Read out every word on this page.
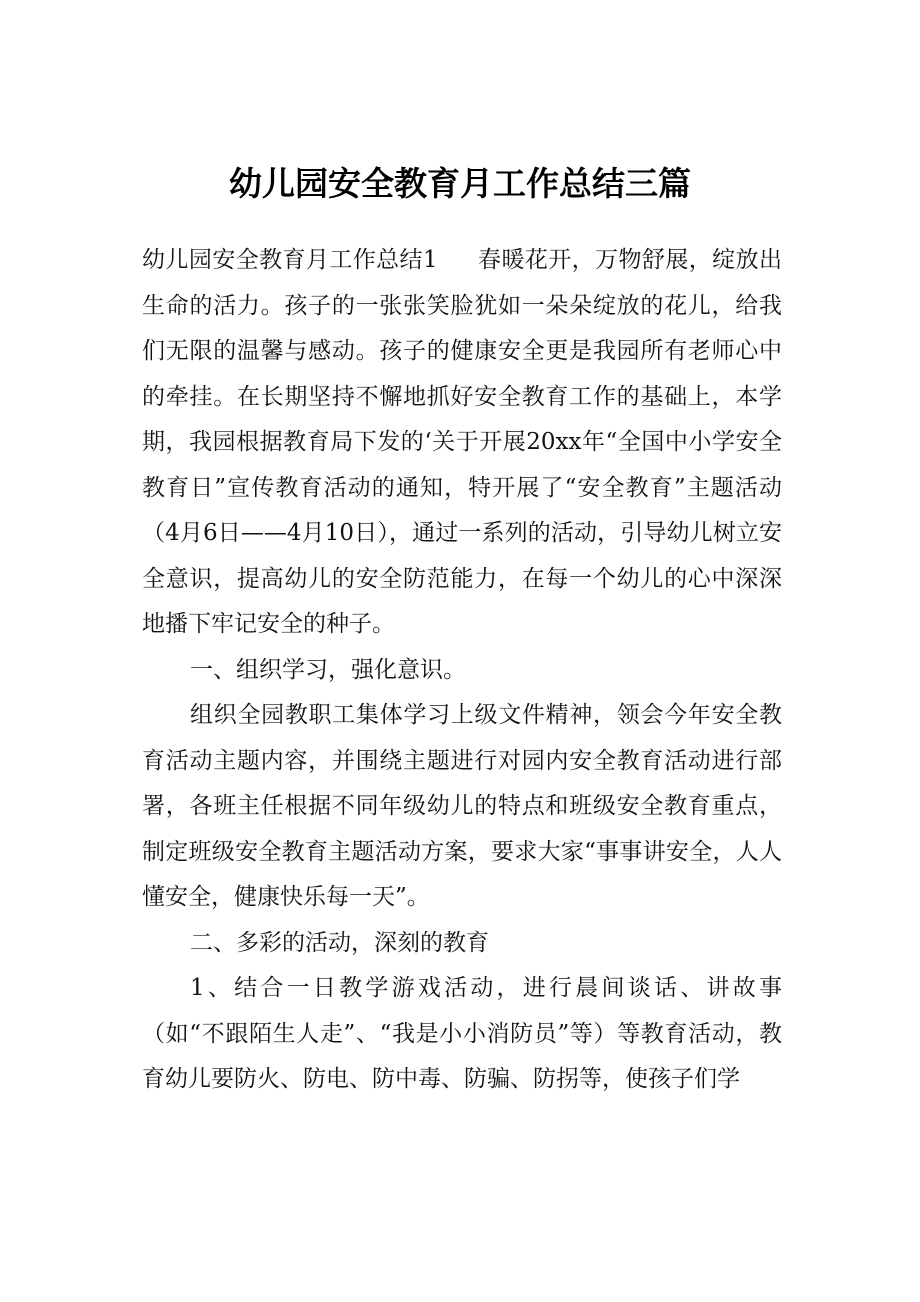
幼儿园安全教育月工作总结三篇

幼儿园安全教育月工作总结1 春暖花开，万物舒展，绽放出生命的活力。孩子的一张张笑脸犹如一朵朵绽放的花儿，给我们无限的温馨与感动。孩子的健康安全更是我园所有老师心中的牵挂。在长期坚持不懈地抓好安全教育工作的基础上，本学期，我园根据教育局下发的‘关于开展20xx年“全国中小学安全教育日”宣传教育活动的通知，特开展了“安全教育”主题活动（4月6日——4月10日），通过一系列的活动，引导幼儿树立安全意识，提高幼儿的安全防范能力，在每一个幼儿的心中深深地播下牢记安全的种子。

一、组织学习，强化意识。

组织全园教职工集体学习上级文件精神，领会今年安全教育活动主题内容，并围绕主题进行对园内安全教育活动进行部署，各班主任根据不同年级幼儿的特点和班级安全教育重点，制定班级安全教育主题活动方案，要求大家“事事讲安全，人人懂安全，健康快乐每一天”。

二、多彩的活动，深刻的教育

1、结合一日教学游戏活动，进行晨间谈话、讲故事（如“不跟陌生人走”、“我是小小消防员”等）等教育活动，教育幼儿要防火、防电、防中毒、防骗、防拐等，使孩子们学
